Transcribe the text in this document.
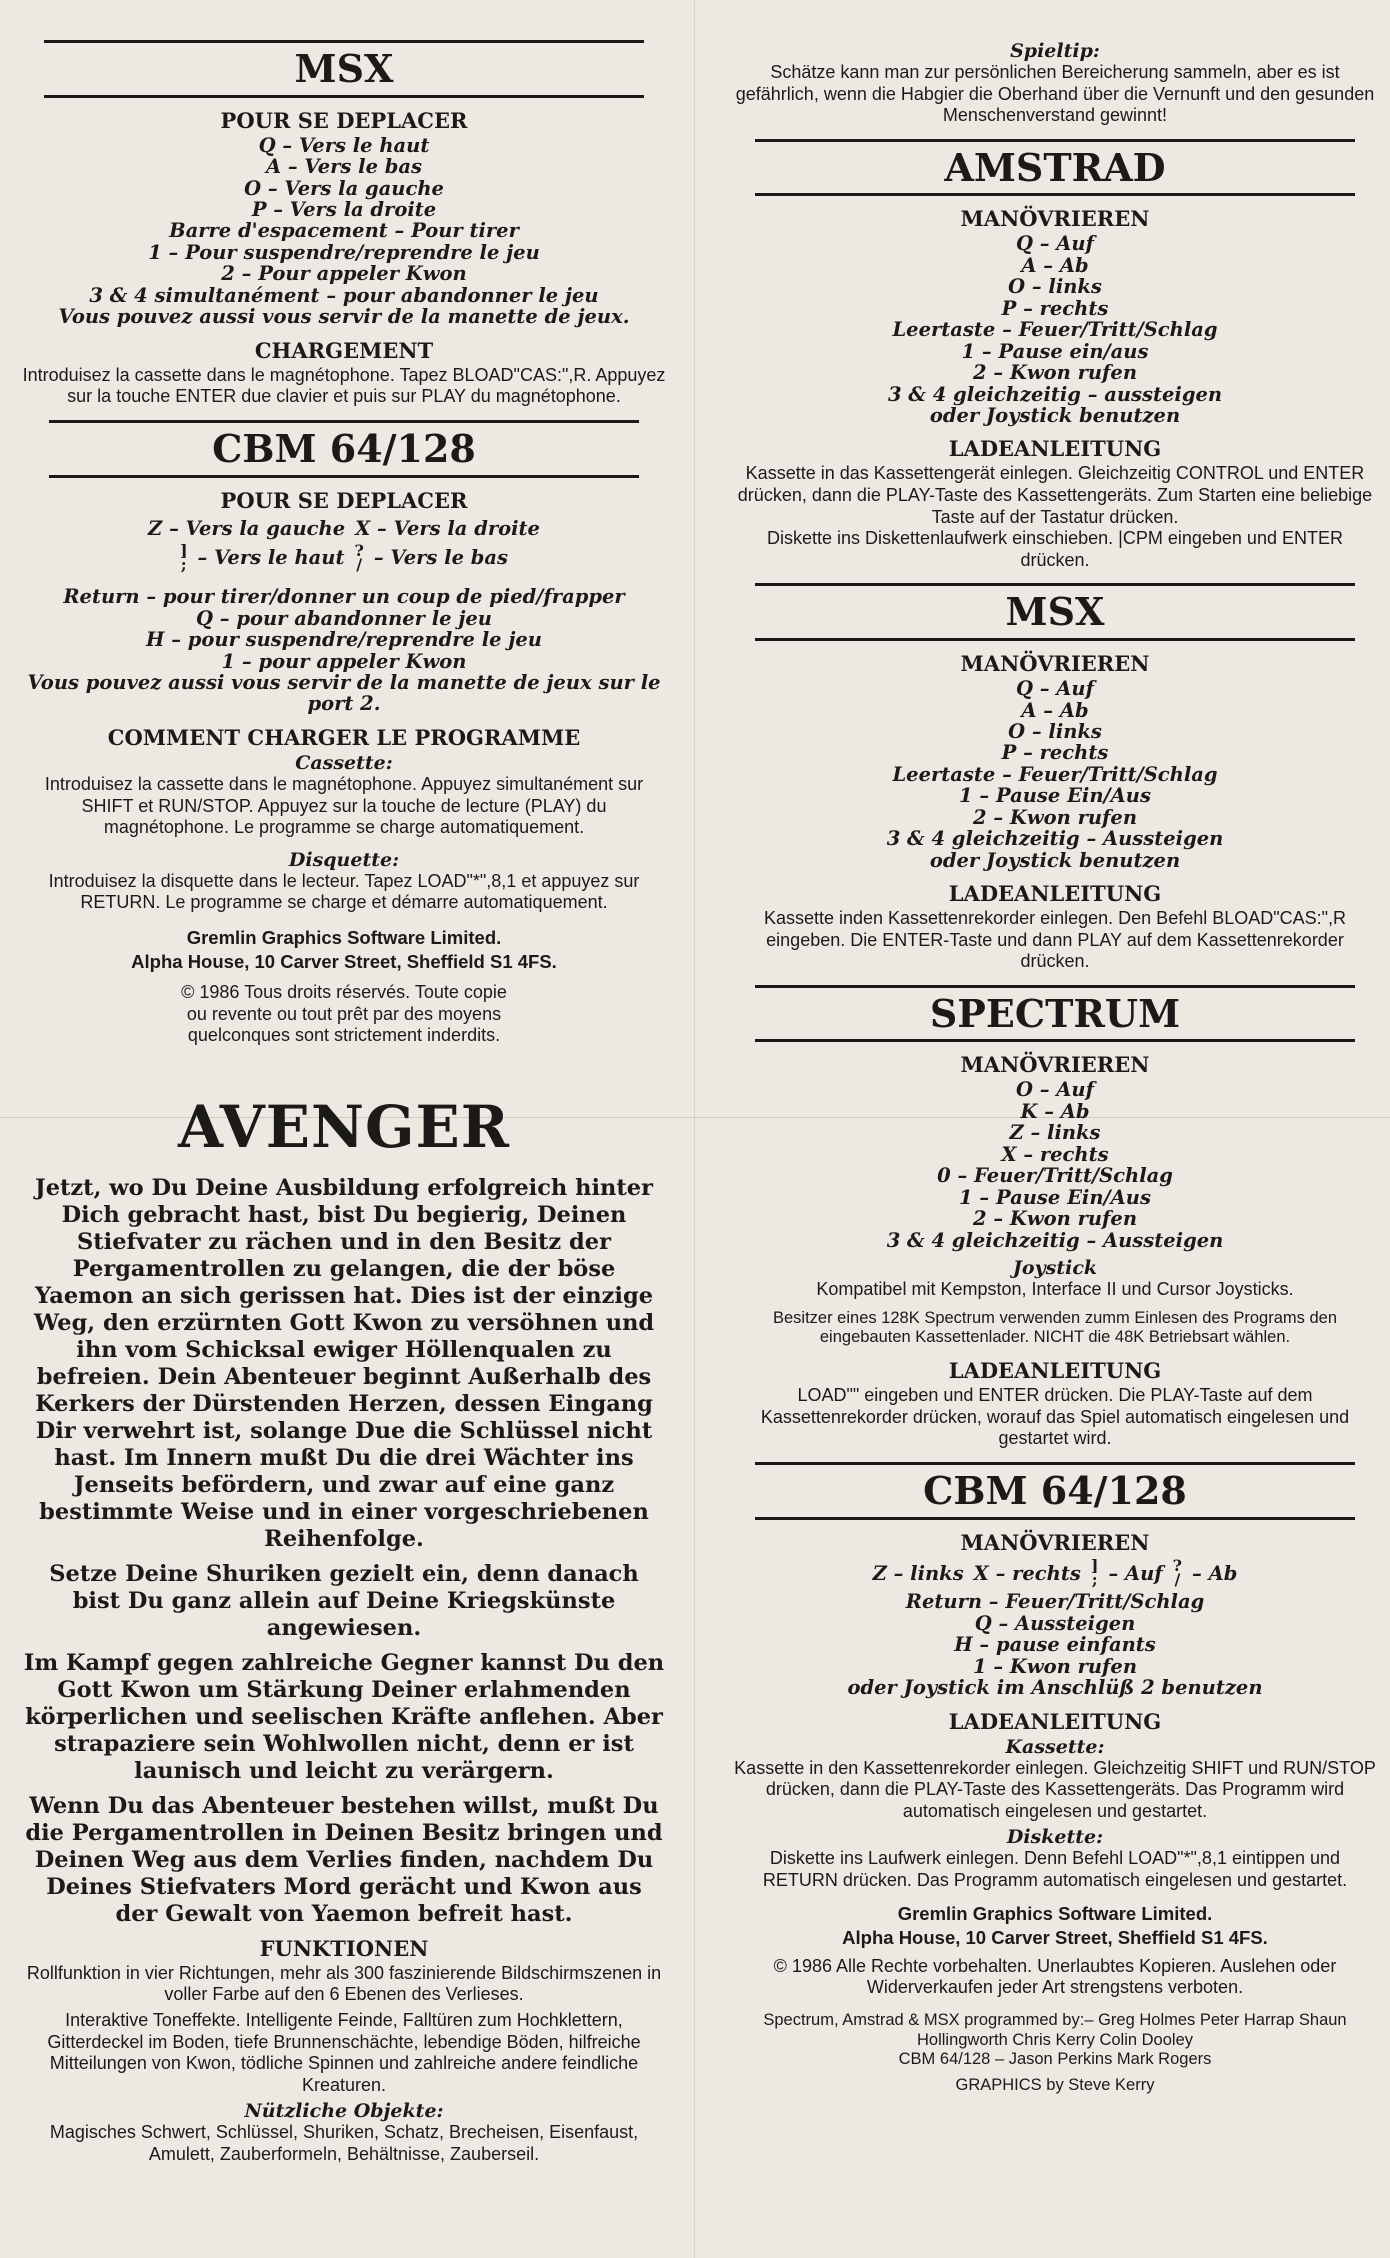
MSX
POUR SE DEPLACER
Q – Vers le haut
A – Vers le bas
O – Vers la gauche
P – Vers la droite
Barre d'espacement – Pour tirer
1 – Pour suspendre/reprendre le jeu
2 – Pour appeler Kwon
3 & 4 simultanément – pour abandonner le jeu
Vous pouvez aussi vous servir de la manette de jeux.
CHARGEMENT
Introduisez la cassette dans le magnétophone. Tapez BLOAD"CAS:",R. Appuyez sur la touche ENTER due clavier et puis sur PLAY du magnétophone.
CBM 64/128
POUR SE DEPLACER
Z – Vers la gauche X – Vers la droite
]
; – Vers le haut ?
/ – Vers le bas
Return – pour tirer/donner un coup de pied/frapper
Q – pour abandonner le jeu
H – pour suspendre/reprendre le jeu
1 – pour appeler Kwon
Vous pouvez aussi vous servir de la manette de jeux sur le port 2.
COMMENT CHARGER LE PROGRAMME
Cassette:
Introduisez la cassette dans le magnétophone. Appuyez simultanément sur SHIFT et RUN/STOP. Appuyez sur la touche de lecture (PLAY) du magnétophone. Le programme se charge automatiquement.
Disquette:
Introduisez la disquette dans le lecteur. Tapez LOAD"*",8,1 et appuyez sur RETURN. Le programme se charge et démarre automatiquement.
Gremlin Graphics Software Limited.
Alpha House, 10 Carver Street, Sheffield S1 4FS.
© 1986 Tous droits réservés. Toute copie ou revente ou tout prêt par des moyens quelconques sont strictement inderdits.
AVENGER
Jetzt, wo Du Deine Ausbildung erfolgreich hinter Dich gebracht hast, bist Du begierig, Deinen Stiefvater zu rächen und in den Besitz der Pergamentrollen zu gelangen, die der böse Yaemon an sich gerissen hat. Dies ist der einzige Weg, den erzürnten Gott Kwon zu versöhnen und ihn vom Schicksal ewiger Höllenqualen zu befreien. Dein Abenteuer beginnt Außerhalb des Kerkers der Dürstenden Herzen, dessen Eingang Dir verwehrt ist, solange Due die Schlüssel nicht hast. Im Innern mußt Du die drei Wächter ins Jenseits befördern, und zwar auf eine ganz bestimmte Weise und in einer vorgeschriebenen Reihenfolge.
Setze Deine Shuriken gezielt ein, denn danach bist Du ganz allein auf Deine Kriegskünste angewiesen.
Im Kampf gegen zahlreiche Gegner kannst Du den Gott Kwon um Stärkung Deiner erlahmenden körperlichen und seelischen Kräfte anflehen. Aber strapaziere sein Wohlwollen nicht, denn er ist launisch und leicht zu verärgern.
Wenn Du das Abenteuer bestehen willst, mußt Du die Pergamentrollen in Deinen Besitz bringen und Deinen Weg aus dem Verlies finden, nachdem Du Deines Stiefvaters Mord gerächt und Kwon aus der Gewalt von Yaemon befreit hast.
FUNKTIONEN
Rollfunktion in vier Richtungen, mehr als 300 faszinierende Bildschirmszenen in voller Farbe auf den 6 Ebenen des Verlieses.
Interaktive Toneffekte. Intelligente Feinde, Falltüren zum Hochklettern, Gitterdeckel im Boden, tiefe Brunnenschächte, lebendige Böden, hilfreiche Mitteilungen von Kwon, tödliche Spinnen und zahlreiche andere feindliche Kreaturen.
Nützliche Objekte:
Magisches Schwert, Schlüssel, Shuriken, Schatz, Brecheisen, Eisenfaust, Amulett, Zauberformeln, Behältnisse, Zauberseil.
Spieltip:
Schätze kann man zur persönlichen Bereicherung sammeln, aber es ist gefährlich, wenn die Habgier die Oberhand über die Vernunft und den gesunden Menschenverstand gewinnt!
AMSTRAD
MANÖVRIEREN
Q – Auf
A – Ab
O – links
P – rechts
Leertaste – Feuer/Tritt/Schlag
1 – Pause ein/aus
2 – Kwon rufen
3 & 4 gleichzeitig – aussteigen
oder Joystick benutzen
LADEANLEITUNG
Kassette in das Kassettengerät einlegen. Gleichzeitig CONTROL und ENTER drücken, dann die PLAY-Taste des Kassettengeräts. Zum Starten eine beliebige Taste auf der Tastatur drücken.
Diskette ins Diskettenlaufwerk einschieben. |CPM eingeben und ENTER drücken.
MSX
MANÖVRIEREN
Q – Auf
A – Ab
O – links
P – rechts
Leertaste – Feuer/Tritt/Schlag
1 – Pause Ein/Aus
2 – Kwon rufen
3 & 4 gleichzeitig – Aussteigen
oder Joystick benutzen
LADEANLEITUNG
Kassette inden Kassettenrekorder einlegen. Den Befehl BLOAD"CAS:",R eingeben. Die ENTER-Taste und dann PLAY auf dem Kassettenrekorder drücken.
SPECTRUM
MANÖVRIEREN
O – Auf
K – Ab
Z – links
X – rechts
0 – Feuer/Tritt/Schlag
1 – Pause Ein/Aus
2 – Kwon rufen
3 & 4 gleichzeitig – Aussteigen
Joystick
Kompatibel mit Kempston, Interface II und Cursor Joysticks.
Besitzer eines 128K Spectrum verwenden zumm Einlesen des Programs den eingebauten Kassettenlader. NICHT die 48K Betriebsart wählen.
LADEANLEITUNG
LOAD"" eingeben und ENTER drücken. Die PLAY-Taste auf dem Kassettenrekorder drücken, worauf das Spiel automatisch eingelesen und gestartet wird.
CBM 64/128
MANÖVRIEREN
Z – links X – rechts ]
; – Auf ?
/ – Ab
Return – Feuer/Tritt/Schlag
Q – Aussteigen
H – pause einfants
1 – Kwon rufen
oder Joystick im Anschlüß 2 benutzen
LADEANLEITUNG
Kassette:
Kassette in den Kassettenrekorder einlegen. Gleichzeitig SHIFT und RUN/STOP drücken, dann die PLAY-Taste des Kassettengeräts. Das Programm wird automatisch eingelesen und gestartet.
Diskette:
Diskette ins Laufwerk einlegen. Denn Befehl LOAD"*",8,1 eintippen und RETURN drücken. Das Programm automatisch eingelesen und gestartet.
Gremlin Graphics Software Limited.
Alpha House, 10 Carver Street, Sheffield S1 4FS.
© 1986 Alle Rechte vorbehalten. Unerlaubtes Kopieren. Auslehen oder Widerverkaufen jeder Art strengstens verboten.
Spectrum, Amstrad & MSX programmed by:– Greg Holmes Peter Harrap Shaun Hollingworth Chris Kerry Colin Dooley
CBM 64/128 – Jason Perkins Mark Rogers
GRAPHICS by Steve Kerry
